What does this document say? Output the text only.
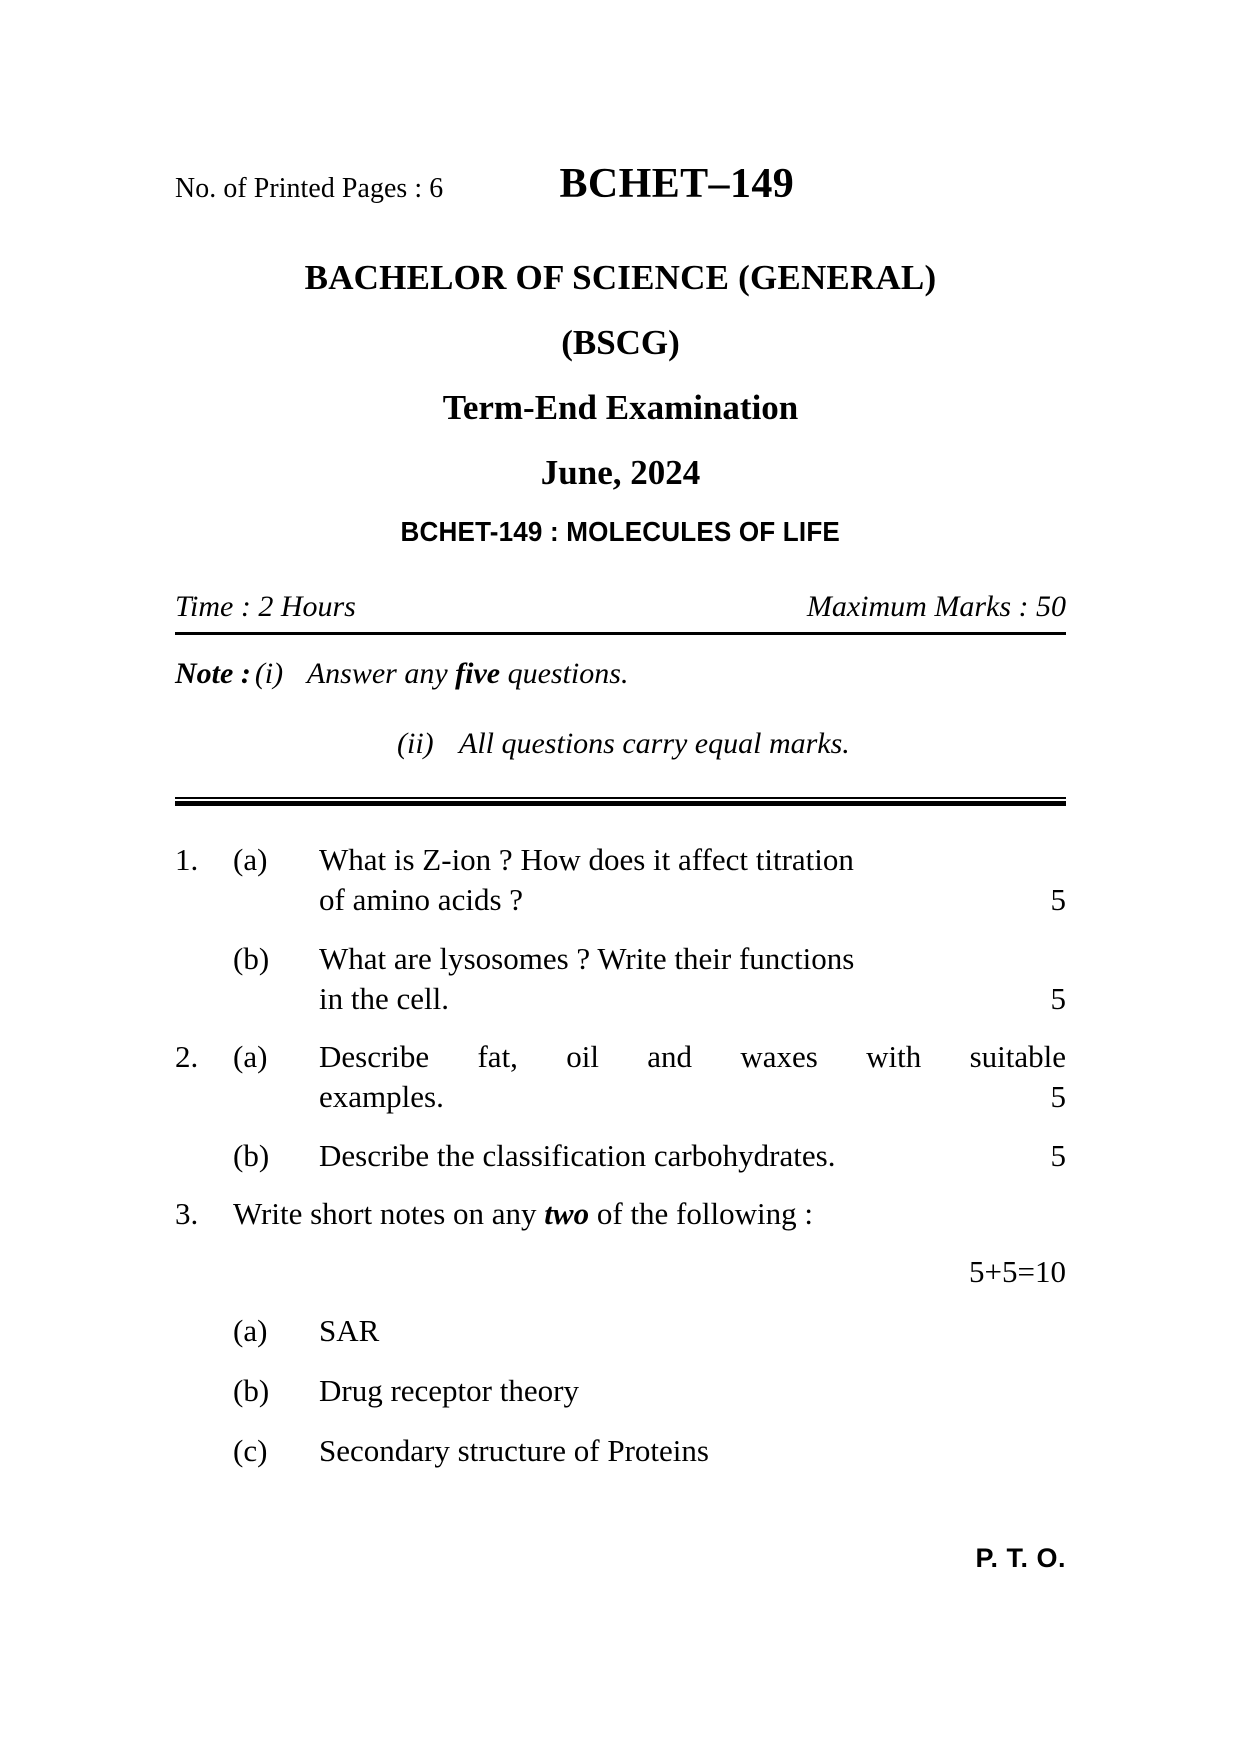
No. of Printed Pages : 6	BCHET–149
BACHELOR OF SCIENCE (GENERAL)
(BSCG)
Term-End Examination
June, 2024
BCHET-149 : MOLECULES OF LIFE
Time : 2 Hours	Maximum Marks : 50
Note : (i) Answer any five questions.
(ii) All questions carry equal marks.
1.	(a)	What is Z-ion ? How does it affect titration
of amino acids ?	5
(b)	What are lysosomes ? Write their functions
in the cell.	5
2.	(a)	Describe fat, oil and waxes with suitable
examples.	5
(b)	Describe the classification carbohydrates.	5
3.	Write short notes on any two of the following :
5+5=10
(a)	SAR
(b)	Drug receptor theory
(c)	Secondary structure of Proteins
P. T. O.
